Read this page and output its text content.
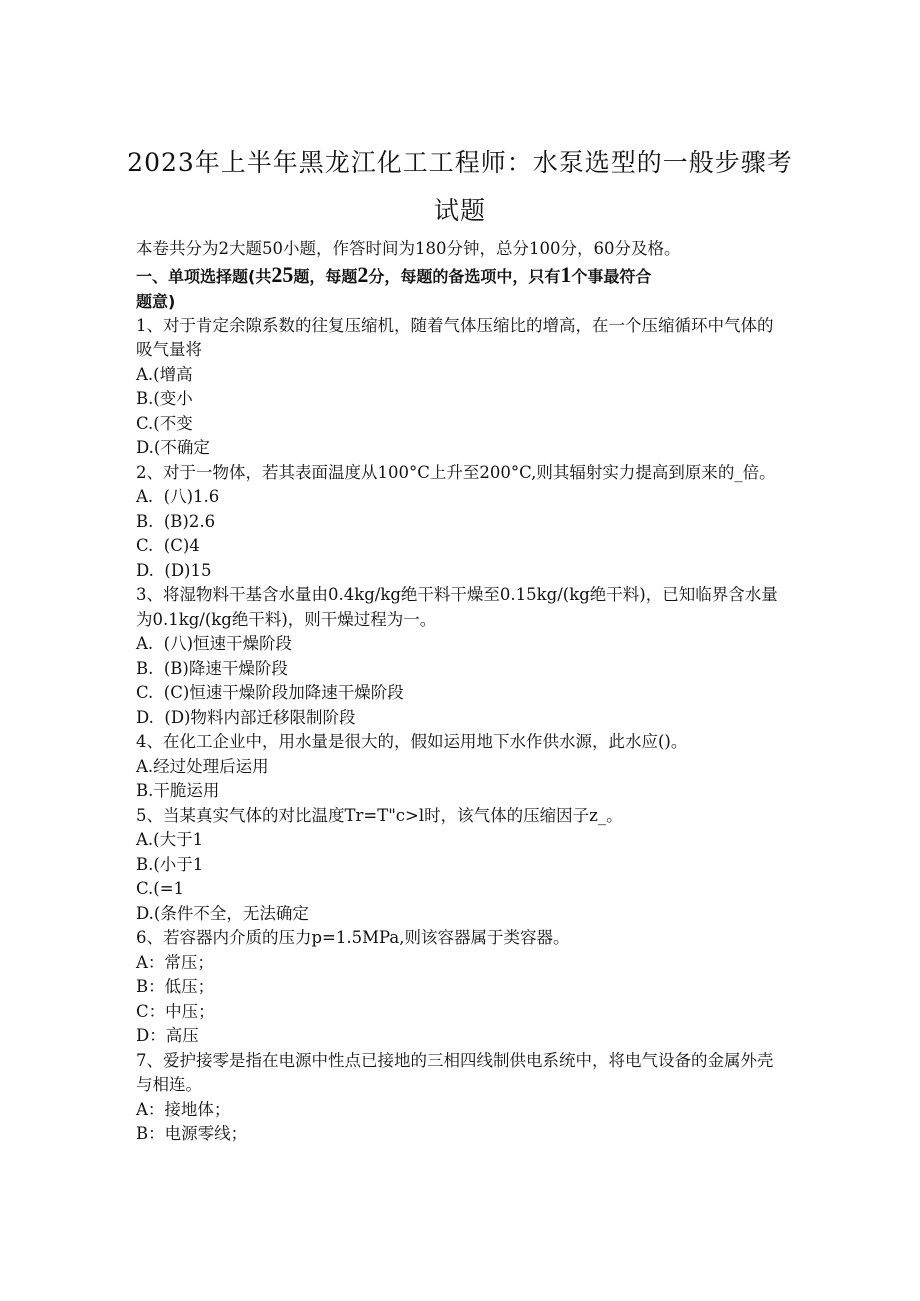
2023年上半年黑龙江化工工程师：水泵选型的一般步骤考
试题

本卷共分为2大题50小题，作答时间为180分钟，总分100分，60分及格。

一、单项选择题(共25题，每题2分，每题的备选项中，只有1个事最符合

题意)

1、对于肯定余隙系数的往复压缩机，随着气体压缩比的增高，在一个压缩循环中气体的吸气量将

A.(增高

B.(变小

C.(不变

D.(不确定

2、对于一物体，若其表面温度从100°C上升至200°C,则其辐射实力提高到原来的_倍。

A.  (八)1.6

B.  (B)2.6

C.  (C)4

D.  (D)15

3、将湿物料干基含水量由0.4kg/kg绝干料干燥至0.15kg/(kg绝干料)，已知临界含水量为0.1kg/(kg绝干料)，则干燥过程为一。

A.  (八)恒速干燥阶段

B.  (B)降速干燥阶段

C.  (C)恒速干燥阶段加降速干燥阶段

D.  (D)物料内部迁移限制阶段

4、在化工企业中，用水量是很大的，假如运用地下水作供水源，此水应()。

A.经过处理后运用

B.干脆运用

5、当某真实气体的对比温度Tr=T"c>l时，该气体的压缩因子z_。

A.(大于1

B.(小于1

C.(=1

D.(条件不全，无法确定

6、若容器内介质的压力p=1.5MPa,则该容器属于类容器。

A：常压；

B：低压；

C：中压；

D：高压

7、爱护接零是指在电源中性点已接地的三相四线制供电系统中，将电气设备的金属外壳与相连。

A：接地体；

B：电源零线；
